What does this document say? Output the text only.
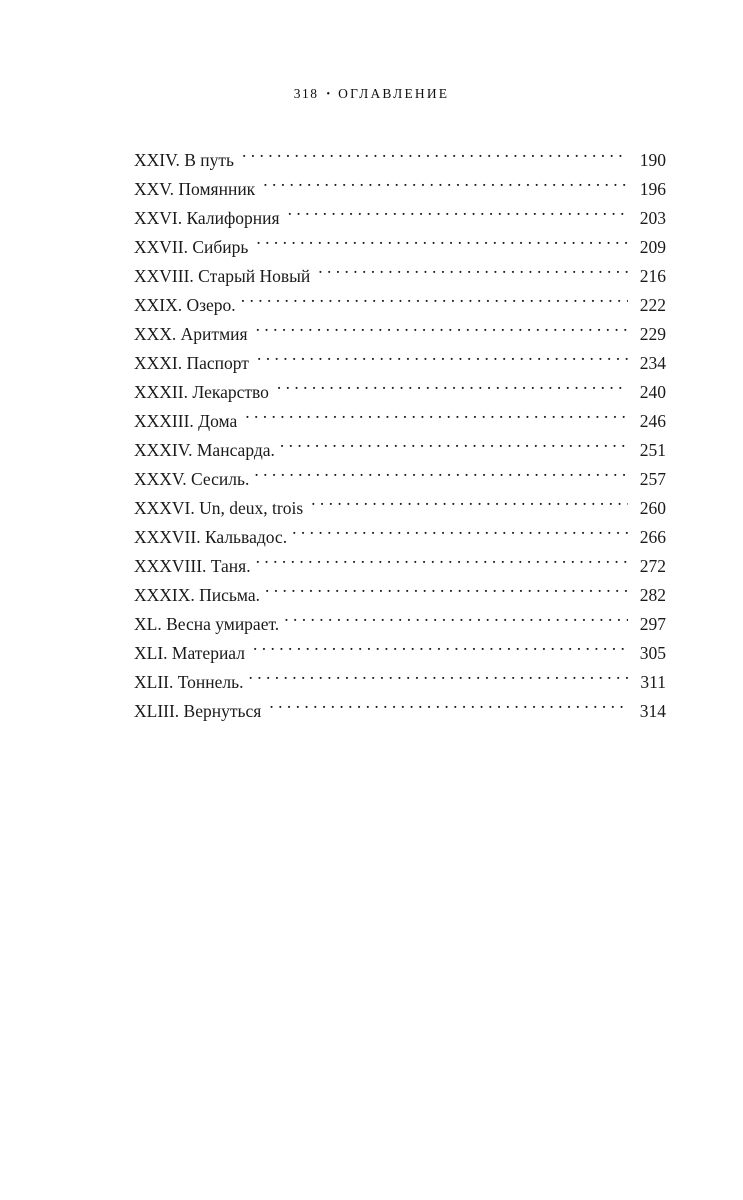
318 • ОГЛАВЛЕНИЕ
XXIV. В путь . . .	190
XXV. Помянник . . .	196
XXVI. Калифорния . . .	203
XXVII. Сибирь . . .	209
XXVIII. Старый Новый . . .	216
XXIX. Озеро. . . .	222
XXX. Аритмия . . .	229
XXXI. Паспорт . . .	234
XXXII. Лекарство . . .	240
XXXIII. Дома . . .	246
XXXIV. Мансарда. . . .	251
XXXV. Сесиль. . . .	257
XXXVI. Un, deux, trois . . .	260
XXXVII. Кальвадос. . . .	266
XXXVIII. Таня. . . .	272
XXXIX. Письма. . . .	282
XL. Весна умирает. . . .	297
XLI. Материал . . .	305
XLII. Тоннель. . . .	311
XLIII. Вернуться . . .	314
